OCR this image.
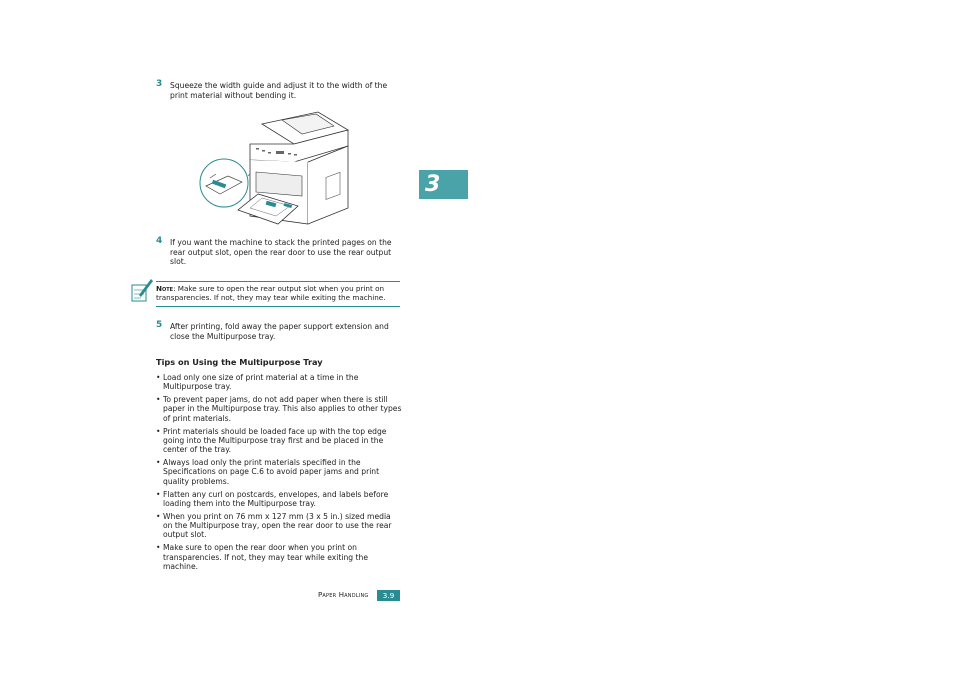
3 Squeeze the width guide and adjust it to the width of the print material without bending it.
4 If you want the machine to stack the printed pages on the rear output slot, open the rear door to use the rear output slot.
Note: Make sure to open the rear output slot when you print on transparencies. If not, they may tear while exiting the machine.
5 After printing, fold away the paper support extension and close the Multipurpose tray.
Tips on Using the Multipurpose Tray
• Load only one size of print material at a time in the Multipurpose tray.
• To prevent paper jams, do not add paper when there is still paper in the Multipurpose tray. This also applies to other types of print materials.
• Print materials should be loaded face up with the top edge going into the Multipurpose tray first and be placed in the center of the tray.
• Always load only the print materials specified in the Specifications on page C.6 to avoid paper jams and print quality problems.
• Flatten any curl on postcards, envelopes, and labels before loading them into the Multipurpose tray.
• When you print on 76 mm x 127 mm (3 x 5 in.) sized media on the Multipurpose tray, open the rear door to use the rear output slot.
• Make sure to open the rear door when you print on transparencies. If not, they may tear while exiting the machine.
3
Paper Handling	3.9
